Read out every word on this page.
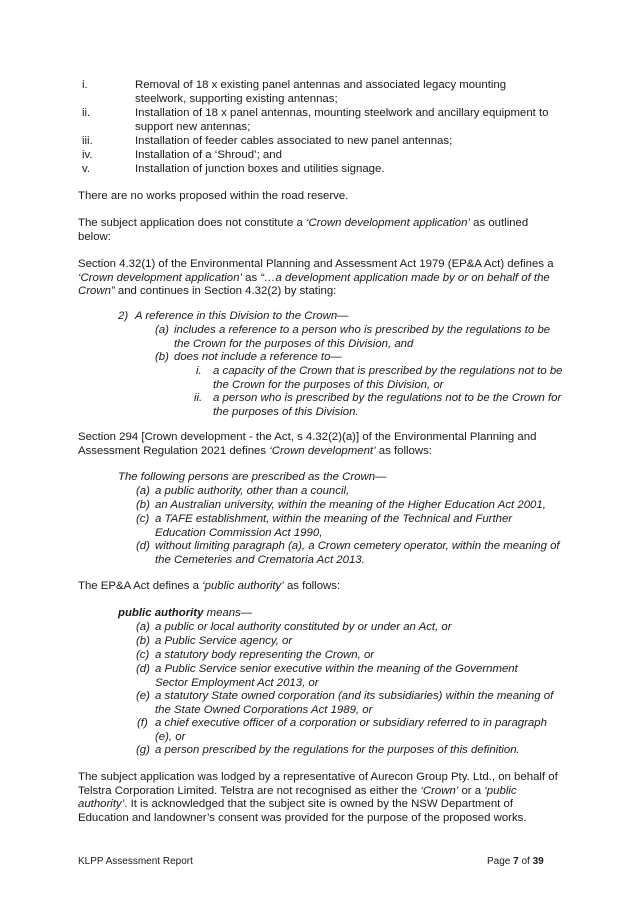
i.	Removal of 18 x existing panel antennas and associated legacy mounting steelwork, supporting existing antennas;
ii.	Installation of 18 x panel antennas, mounting steelwork and ancillary equipment to support new antennas;
iii.	Installation of feeder cables associated to new panel antennas;
iv.	Installation of a ‘Shroud’; and
v.	Installation of junction boxes and utilities signage.
There are no works proposed within the road reserve.
The subject application does not constitute a ‘Crown development application’ as outlined below:
Section 4.32(1) of the Environmental Planning and Assessment Act 1979 (EP&A Act) defines a ‘Crown development application’ as “…a development application made by or on behalf of the Crown” and continues in Section 4.32(2) by stating:
2) A reference in this Division to the Crown—
(a) includes a reference to a person who is prescribed by the regulations to be the Crown for the purposes of this Division, and
(b) does not include a reference to—
i. a capacity of the Crown that is prescribed by the regulations not to be the Crown for the purposes of this Division, or
ii. a person who is prescribed by the regulations not to be the Crown for the purposes of this Division.
Section 294 [Crown development - the Act, s 4.32(2)(a)] of the Environmental Planning and Assessment Regulation 2021 defines ‘Crown development’ as follows:
The following persons are prescribed as the Crown—
(a) a public authority, other than a council,
(b) an Australian university, within the meaning of the Higher Education Act 2001,
(c) a TAFE establishment, within the meaning of the Technical and Further Education Commission Act 1990,
(d) without limiting paragraph (a), a Crown cemetery operator, within the meaning of the Cemeteries and Crematoria Act 2013.
The EP&A Act defines a ‘public authority’ as follows:
public authority means—
(a) a public or local authority constituted by or under an Act, or
(b) a Public Service agency, or
(c) a statutory body representing the Crown, or
(d) a Public Service senior executive within the meaning of the Government Sector Employment Act 2013, or
(e) a statutory State owned corporation (and its subsidiaries) within the meaning of the State Owned Corporations Act 1989, or
(f) a chief executive officer of a corporation or subsidiary referred to in paragraph (e), or
(g) a person prescribed by the regulations for the purposes of this definition.
The subject application was lodged by a representative of Aurecon Group Pty. Ltd., on behalf of Telstra Corporation Limited. Telstra are not recognised as either the ‘Crown’ or a ‘public authority’. It is acknowledged that the subject site is owned by the NSW Department of Education and landowner’s consent was provided for the purpose of the proposed works.
KLPP Assessment Report	Page 7 of 39
